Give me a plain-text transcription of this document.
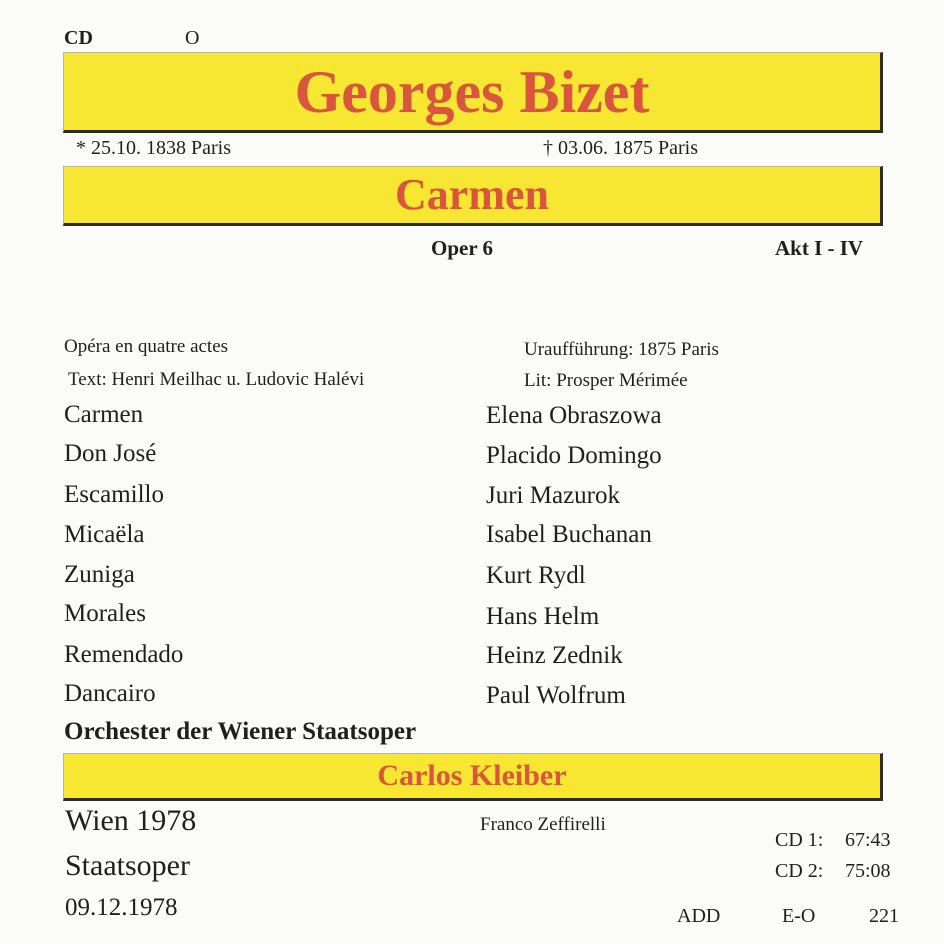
CD	O
Georges Bizet
* 25.10. 1838 Paris	† 03.06. 1875 Paris
Carmen
Oper 6	Akt I - IV
Opéra en quatre actes
Text: Henri Meilhac u. Ludovic Halévi
Uraufführung: 1875 Paris
Lit: Prosper Mérimée
Carmen	Elena Obraszowa
Don José	Placido Domingo
Escamillo	Juri Mazurok
Micaëla	Isabel Buchanan
Zuniga	Kurt Rydl
Morales	Hans Helm
Remendado	Heinz Zednik
Dancairo	Paul Wolfrum
Orchester der Wiener Staatsoper
Carlos Kleiber
Wien 1978
Staatsoper
09.12.1978
Franco Zeffirelli
CD 1: 67:43
CD 2: 75:08
ADD	E-O	221
